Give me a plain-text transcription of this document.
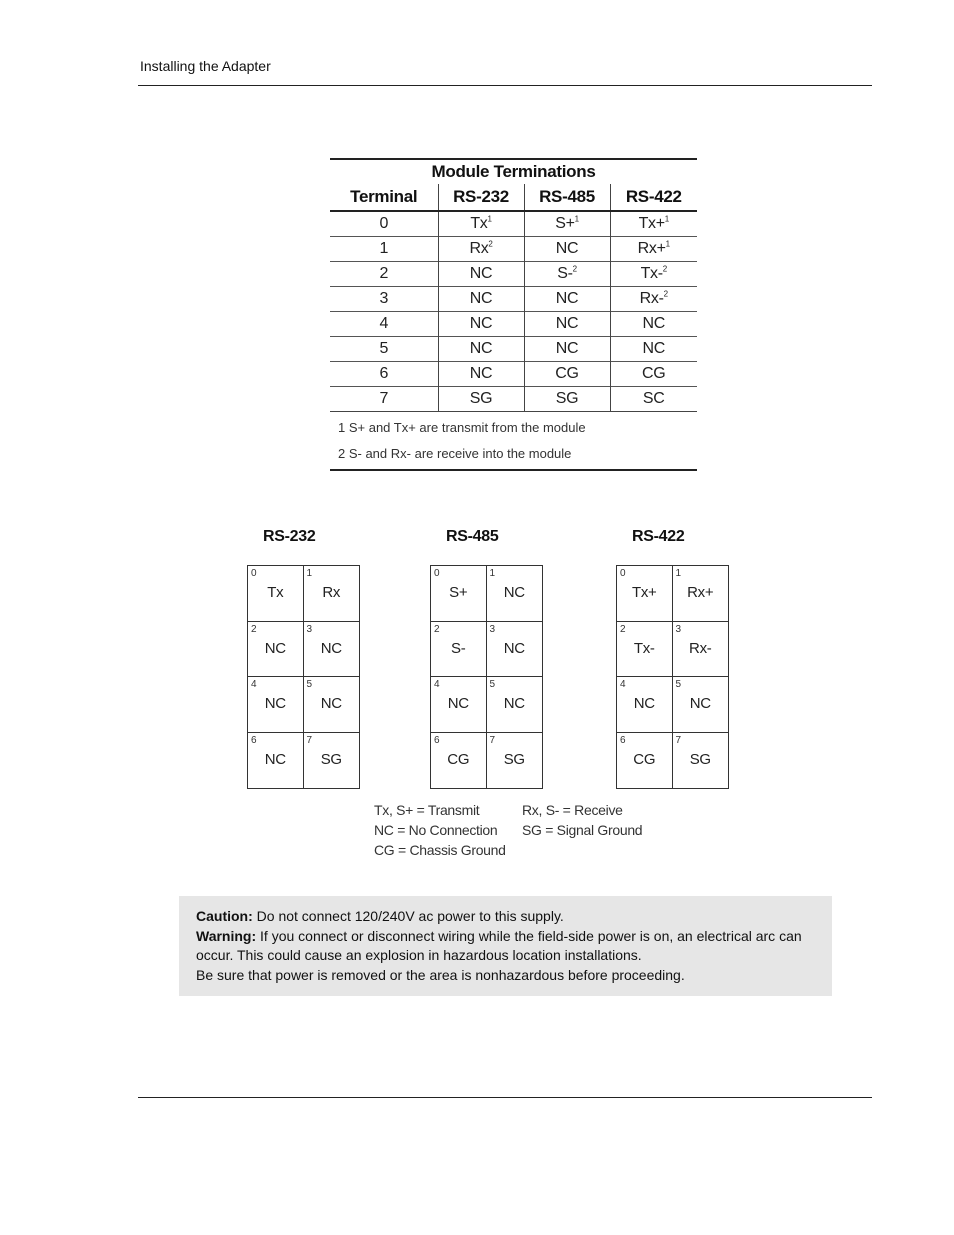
Installing the Adapter
Module Terminations
Terminal	RS-232	RS-485	RS-422
0	Tx$^1$	S+$^1$	Tx+$^1$
1	Rx$^2$	NC	Rx+$^1$
2	NC	S-$^2$	Tx-$^2$
3	NC	NC	Rx-$^2$
4	NC	NC	NC
5	NC	NC	NC
6	NC	CG	CG
7	SG	SG	SC
1 S+ and Tx+ are transmit from the module
2 S- and Rx- are receive into the module
RS-232
0
Tx
1
Rx
2
NC
3
NC
4
NC
5
NC
6
NC
7
SG
RS-485
0
S+
1
NC
2
S-
3
NC
4
NC
5
NC
6
CG
7
SG
RS-422
0
Tx+
1
Rx+
2
Tx-
3
Rx-
4
NC
5
NC
6
CG
7
SG
Tx, S+ = Transmit
NC = No Connection
CG = Chassis Ground
Rx, S- = Receive
SG = Signal Ground

Caution: Do not connect 120/240V ac power to this supply.

Warning: If you connect or disconnect wiring while the field-side power is on, an electrical arc can occur. This could cause an explosion in hazardous location installations.

Be sure that power is removed or the area is nonhazardous before proceeding.
